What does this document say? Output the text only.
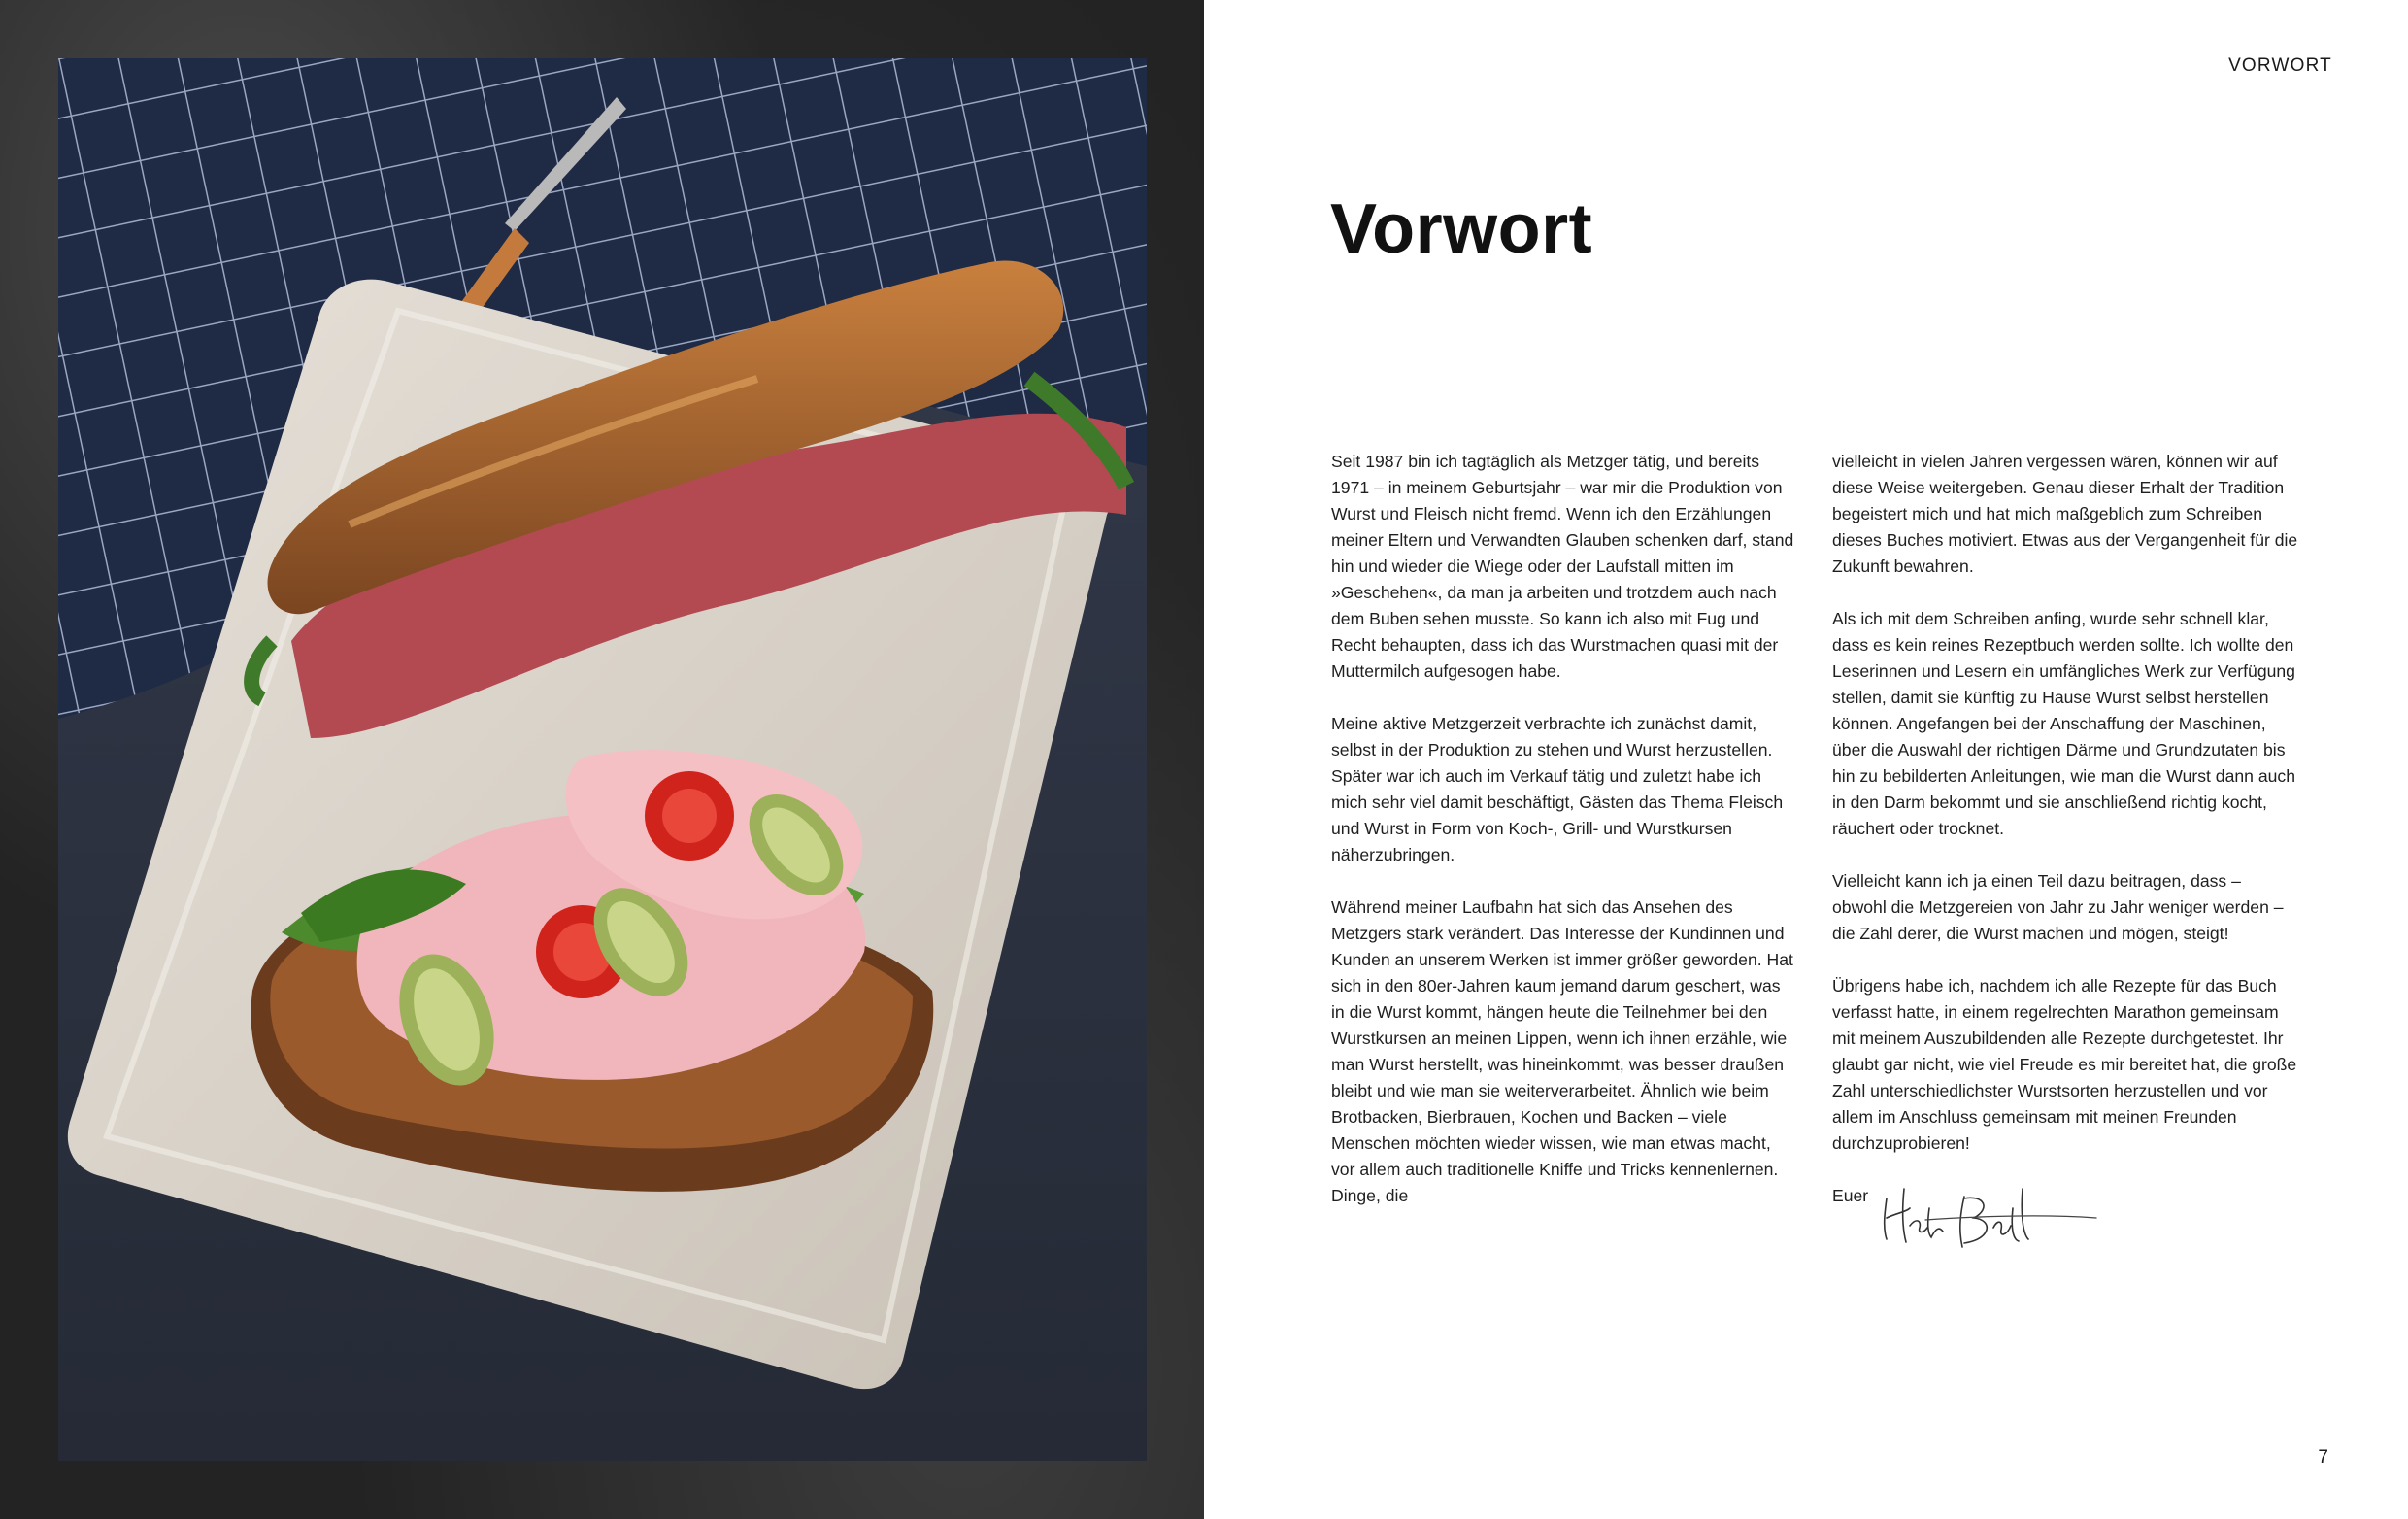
VORWORT
Vorwort

Seit 1987 bin ich tagtäglich als Metzger tätig, und bereits 1971 – in meinem Geburtsjahr – war mir die Produktion von Wurst und Fleisch nicht fremd. Wenn ich den Erzählungen meiner Eltern und Verwandten Glauben schenken darf, stand hin und wieder die Wiege oder der Laufstall mitten im »Geschehen«, da man ja arbeiten und trotzdem auch nach dem Buben sehen musste. So kann ich also mit Fug und Recht behaupten, dass ich das Wurstmachen quasi mit der Muttermilch aufgesogen habe.

Meine aktive Metzgerzeit verbrachte ich zunächst damit, selbst in der Produktion zu stehen und Wurst herzustellen. Später war ich auch im Verkauf tätig und zuletzt habe ich mich sehr viel damit beschäftigt, Gästen das Thema Fleisch und Wurst in Form von Koch-, Grill- und Wurstkursen näherzubringen.

Während meiner Laufbahn hat sich das Ansehen des Metzgers stark verändert. Das Interesse der Kundinnen und Kunden an unserem Werken ist immer größer geworden. Hat sich in den 80er-Jahren kaum jemand darum geschert, was in die Wurst kommt, hängen heute die Teilnehmer bei den Wurstkursen an meinen Lippen, wenn ich ihnen erzähle, wie man Wurst herstellt, was hineinkommt, was besser draußen bleibt und wie man sie weiterverarbeitet. Ähnlich wie beim Brotbacken, Bierbrauen, Kochen und Backen – viele Menschen möchten wieder wissen, wie man etwas macht, vor allem auch traditionelle Kniffe und Tricks kennenlernen. Dinge, die

vielleicht in vielen Jahren vergessen wären, können wir auf diese Weise weitergeben. Genau dieser Erhalt der Tradition begeistert mich und hat mich maßgeblich zum Schreiben dieses Buches motiviert. Etwas aus der Vergangenheit für die Zukunft bewahren.

Als ich mit dem Schreiben anfing, wurde sehr schnell klar, dass es kein reines Rezeptbuch werden sollte. Ich wollte den Leserinnen und Lesern ein umfängliches Werk zur Verfügung stellen, damit sie künftig zu Hause Wurst selbst herstellen können. Angefangen bei der Anschaffung der Maschinen, über die Auswahl der richtigen Därme und Grundzutaten bis hin zu bebilderten Anleitungen, wie man die Wurst dann auch in den Darm bekommt und sie anschließend richtig kocht, räuchert oder trocknet.

Vielleicht kann ich ja einen Teil dazu beitragen, dass – obwohl die Metzgereien von Jahr zu Jahr weniger werden – die Zahl derer, die Wurst machen und mögen, steigt!

Übrigens habe ich, nachdem ich alle Rezepte für das Buch verfasst hatte, in einem regelrechten Marathon gemeinsam mit meinem Auszubildenden alle Rezepte durchgetestet. Ihr glaubt gar nicht, wie viel Freude es mir bereitet hat, die große Zahl unterschiedlichster Wurstsorten herzustellen und vor allem im Anschluss gemeinsam mit meinen Freunden durchzuprobieren!

Euer
7
